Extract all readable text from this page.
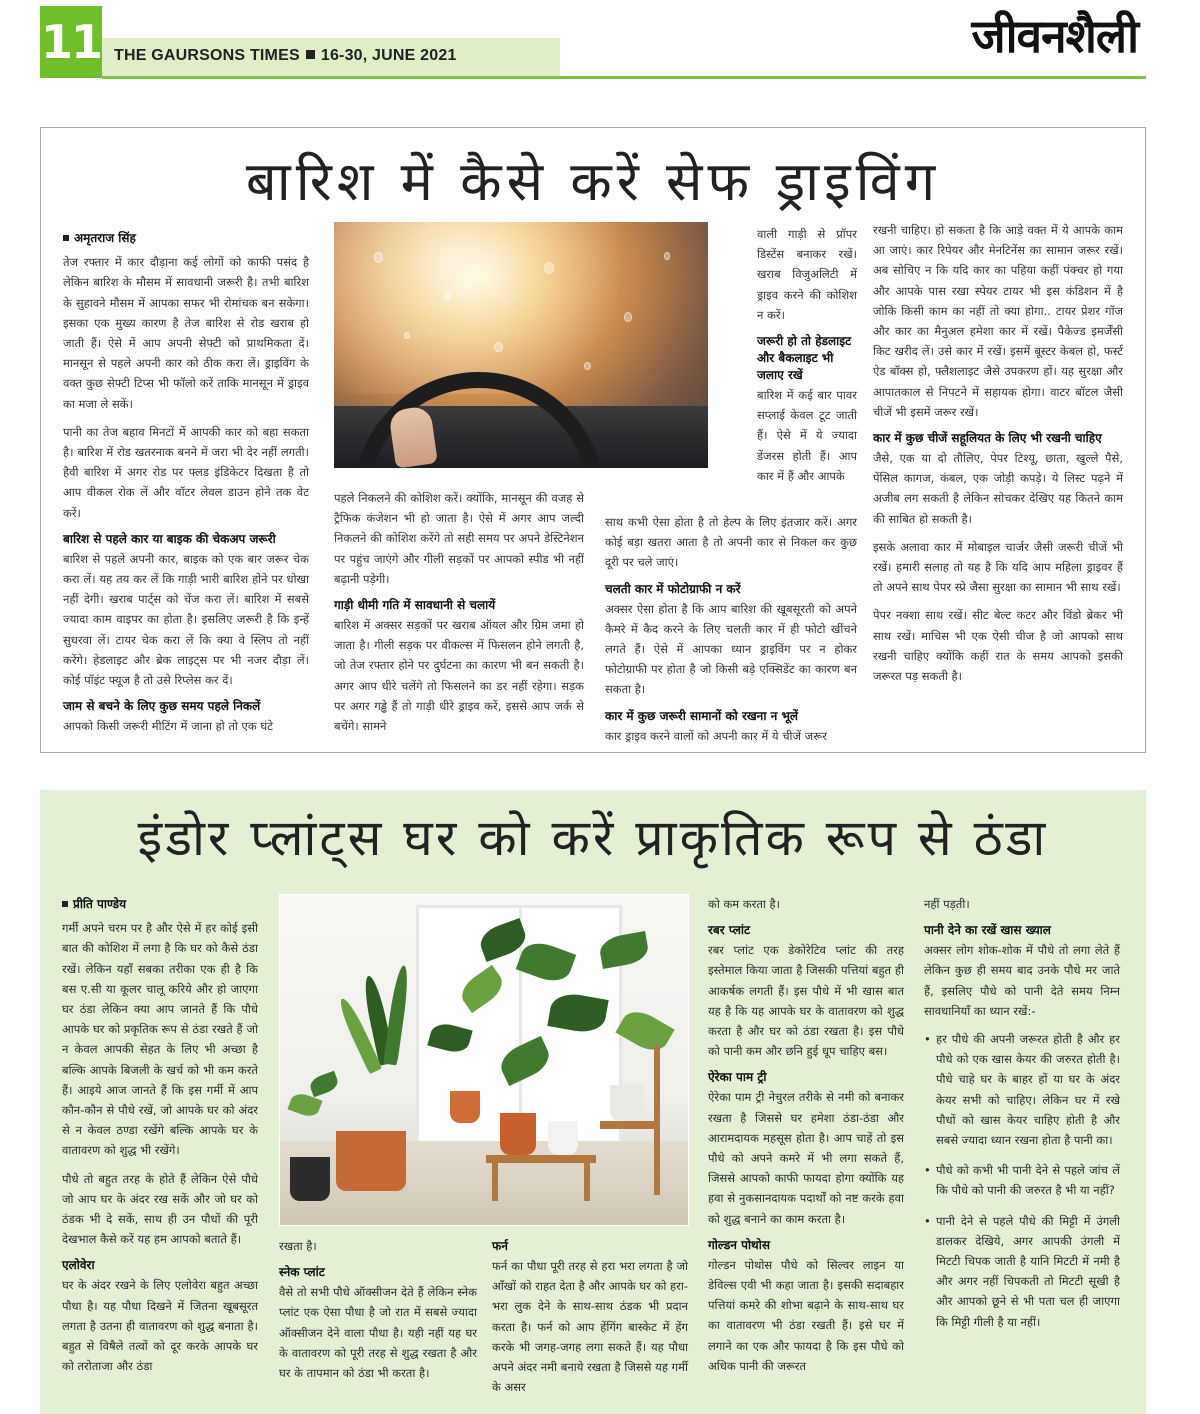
11 THE GAURSONS TIMES 16-30, JUNE 2021	जीवनशैली
बारिश में कैसे करें सेफ ड्राइविंग
अमृतराज सिंह

तेज रफ्तार में कार दौड़ाना कई लोगों को काफी पसंद है लेकिन बारिश के मौसम में सावधानी जरूरी है। तभी बारिश के सुहावने मौसम में आपका सफर भी रोमांचक बन सकेगा। इसका एक मुख्य कारण है तेज बारिश से रोड खराब हो जाती हैं। ऐसे में आप अपनी सेफ्टी को प्राथमिकता दें। मानसून से पहले अपनी कार को ठीक करा लें। ड्राइविंग के वक्त कुछ सेफ्टी टिप्स भी फॉलो करें ताकि मानसून में ड्राइव का मजा ले सकें।

पानी का तेज बहाव मिनटों में आपकी कार को बहा सकता है। बारिश में रोड खतरनाक बनने में जरा भी देर नहीं लगती। हैवी बारिश में अगर रोड पर फ्लड इंडिकेटर दिखता है तो आप वीकल रोक लें और वॉटर लेवल डाउन होने तक वेट करें।

बारिश से पहले कार या बाइक की चेकअप जरूरी

बारिश से पहले अपनी कार, बाइक को एक बार जरूर चेक करा लें। यह तय कर लें कि गाड़ी भारी बारिश होने पर धोखा नहीं देगी। खराब पार्ट्स को चेंज करा लें। बारिश में सबसे ज्यादा काम वाइपर का होता है। इसलिए जरूरी है कि इन्हें सुधरवा लें। टायर चेक करा लें कि क्या वे स्लिप तो नहीं करेंगे। हेडलाइट और ब्रेक लाइट्स पर भी नजर दौड़ा लें। कोई पॉइंट फ्यूज है तो उसे रिप्लेस कर दें।

जाम से बचने के लिए कुछ समय पहले निकलें

आपको किसी जरूरी मीटिंग में जाना हो तो एक घंटे

पहले निकलने की कोशिश करें। क्योंकि, मानसून की वजह से ट्रैफिक कंजेशन भी हो जाता है। ऐसे में अगर आप जल्दी निकलने की कोशिश करेंगे तो सही समय पर अपने डेस्टिनेशन पर पहुंच जाएंगे और गीली सड़कों पर आपको स्पीड भी नहीं बढ़ानी पड़ेगी।

गाड़ी धीमी गति में सावधानी से चलायें

बारिश में अक्सर सड़कों पर खराब ऑयल और ग्रिम जमा हो जाता है। गीली सड़क पर वीकल्स में फिसलन होने लगती है, जो तेज रफ्तार होने पर दुर्घटना का कारण भी बन सकती है। अगर आप धीरे चलेंगे तो फिसलने का डर नहीं रहेगा। सड़क पर अगर गड्ढे हैं तो गाड़ी धीरे ड्राइव करें, इससे आप जर्क से बचेंगे। सामने

वाली गाड़ी से प्रॉपर डिस्टेंस बनाकर रखें। खराब विजुअलिटी में ड्राइव करने की कोशिश न करें।

जरूरी हो तो हेडलाइट और बैकलाइट भी जलाए रखें

बारिश में कई बार पावर सप्लाई केवल टूट जाती हैं। ऐसे में ये ज्यादा डेंजरस होती हैं। आप कार में हैं और आपके

साथ कभी ऐसा होता है तो हेल्प के लिए इंतजार करें। अगर कोई बड़ा खतरा आता है तो अपनी कार से निकल कर कुछ दूरी पर चले जाएं।

चलती कार में फोटोग्राफी न करें

अक्सर ऐसा होता है कि आप बारिश की खूबसूरती को अपने कैमरे में कैद करने के लिए चलती कार में ही फोटो खींचने लगते हैं। ऐसे में आपका ध्यान ड्राइविंग पर न होकर फोटोग्राफी पर होता है जो किसी बड़े एक्सिडेंट का कारण बन सकता है।

कार में कुछ जरूरी सामानों को रखना न भूलें

कार ड्राइव करने वालों को अपनी कार में ये चीजें जरूर

रखनी चाहिए। हो सकता है कि आड़े वक्त में ये आपके काम आ जाएं। कार रिपेयर और मेनटिनेंस का सामान जरूर रखें। अब सोचिए न कि यदि कार का पहिया कहीं पंक्चर हो गया और आपके पास रखा स्पेयर टायर भी इस कंडिशन में है जोकि किसी काम का नहीं तो क्या होगा.. टायर प्रेशर गॉज और कार का मैनुअल हमेशा कार में रखें। पैकेज्ड इमर्जेंसी किट खरीद लें। उसे कार में रखें। इसमें बूस्टर केबल हो, फर्स्ट ऐड बॉक्स हो, फ्लैशलाइट जैसे उपकरण हों। यह सुरक्षा और आपातकाल से निपटने में सहायक होगा। वाटर बॉटल जैसी चीजें भी इसमें जरूर रखें।

कार में कुछ चीजें सहूलियत के लिए भी रखनी चाहिए

जैसे, एक या दो तौलिए, पेपर टिश्यू, छाता, खुल्ले पैसे, पेंसिल कागज, कंबल, एक जोड़ी कपड़े। ये लिस्ट पढ़ने में अजीब लग सकती है लेकिन सोचकर देखिए यह कितने काम की साबित हो सकती है।

इसके अलावा कार में मोबाइल चार्जर जैसी जरूरी चीजें भी रखें। हमारी सलाह तो यह है कि यदि आप महिला ड्राइवर हैं तो अपने साथ पेपर स्प्रे जैसा सुरक्षा का सामान भी साथ रखें।

पेपर नक्शा साथ रखें। सीट बेल्ट कटर और विंडो ब्रेकर भी साथ रखें। माचिस भी एक ऐसी चीज है जो आपको साथ रखनी चाहिए क्योंकि कहीं रात के समय आपको इसकी जरूरत पड़ सकती है।

इंडोर प्लांट्स घर को करें प्राकृतिक रूप से ठंडा
प्रीति पाण्डेय

गर्मी अपने चरम पर है और ऐसे में हर कोई इसी बात की कोशिश में लगा है कि घर को कैसे ठंडा रखें। लेकिन यहाँ सबका तरीका एक ही है कि बस ए.सी या कूलर चालू करिये और हो जाएगा घर ठंडा लेकिन क्या आप जानते हैं कि पौधे आपके घर को प्रकृतिक रूप से ठंडा रखते हैं जो न केवल आपकी सेहत के लिए भी अच्छा है बल्कि आपके बिजली के खर्च को भी कम करते हैं। आइये आज जानते हैं कि इस गर्मी में आप कौन-कौन से पौधे रखें, जो आपके घर को अंदर से न केवल ठण्डा रखेंगे बल्कि आपके घर के वातावरण को शुद्ध भी रखेंगे।

पौधे तो बहुत तरह के होते हैं लेकिन ऐसे पौधे जो आप घर के अंदर रख सकें और जो घर को ठंडक भी दे सकें, साथ ही उन पौधों की पूरी देखभाल कैसे करें यह हम आपको बताते हैं।

एलोवेरा

घर के अंदर रखने के लिए एलोवेरा बहुत अच्छा पौधा है। यह पौधा दिखने में जितना खूबसूरत लगता है उतना ही वातावरण को शुद्ध बनाता है। बहुत से विषैले तत्वों को दूर करके आपके घर को तरोताजा और ठंडा

रखता है।

स्नेक प्लांट

वैसे तो सभी पौधे ऑक्सीजन देते हैं लेकिन स्नेक प्लांट एक ऐसा पौधा है जो रात में सबसे ज्यादा ऑक्सीजन देने वाला पौधा है। यही नहीं यह घर के वातावरण को पूरी तरह से शुद्ध रखता है और घर के तापमान को ठंडा भी करता है।

फर्न

फर्न का पौधा पूरी तरह से हरा भरा लगता है जो आँखों को राहत देता है और आपके घर को हरा-भरा लुक देने के साथ-साथ ठंडक भी प्रदान करता है। फर्न को आप हेंगिंग बास्केट में हेंग करके भी जगह-जगह लगा सकते हैं। यह पौधा अपने अंदर नमी बनाये रखता है जिससे यह गर्मी के असर

को कम करता है।

रबर प्लांट

रबर प्लांट एक डेकोरेटिव प्लांट की तरह इस्तेमाल किया जाता है जिसकी पत्तियां बहुत ही आकर्षक लगती हैं। इस पौधे में भी खास बात यह है कि यह आपके घर के वातावरण को शुद्ध करता है और घर को ठंडा रखता है। इस पौधे को पानी कम और छनि हुई धूप चाहिए बस।

ऐरेका पाम ट्री

ऐरेका पाम ट्री नेचुरल तरीके से नमी को बनाकर रखता है जिससे घर हमेशा ठंडा-ठंडा और आरामदायक महसूस होता है। आप चाहें तो इस पौधे को अपने कमरे में भी लगा सकते हैं, जिससे आपको काफी फायदा होगा क्योंकि यह हवा से नुकसानदायक पदार्थों को नष्ट करके हवा को शुद्ध बनाने का काम करता है।

गोल्डन पोथोस

गोल्डन पोथोस पौधे को सिल्वर लाइन या डेविल्स एवी भी कहा जाता है। इसकी सदाबहार पत्तियां कमरे की शोभा बढ़ाने के साथ-साथ घर का वातावरण भी ठंडा रखती हैं। इसे घर में लगाने का एक और फायदा है कि इस पौधे को अधिक पानी की जरूरत

नहीं पड़ती।

पानी देने का रखें खास ख्याल

अक्सर लोग शोक-शोक में पौधे तो लगा लेते हैं लेकिन कुछ ही समय बाद उनके पौधे मर जाते हैं, इसलिए पौधे को पानी देते समय निम्न सावधानियाँ का ध्यान रखें:-

• हर पौधे की अपनी जरूरत होती है और हर पौधे को एक खास केयर की जरुरत होती है। पौधे चाहे घर के बाहर हों या घर के अंदर केयर सभी को चाहिए। लेकिन घर में रखे पौधों को खास केयर चाहिए होती है और सबसे ज्यादा ध्यान रखना होता है पानी का।
• पौधे को कभी भी पानी देने से पहले जांच लें कि पौधे को पानी की जरुरत है भी या नहीं?
• पानी देने से पहले पौधे की मिट्टी में उंगली डालकर देखिये, अगर आपकी उंगली में मिटटी चिपक जाती है यानि मिटटी में नमी है और अगर नहीं चिपकती तो मिटटी सूखी है और आपको छूने से भी पता चल ही जाएगा कि मिट्टी गीली है या नहीं।
